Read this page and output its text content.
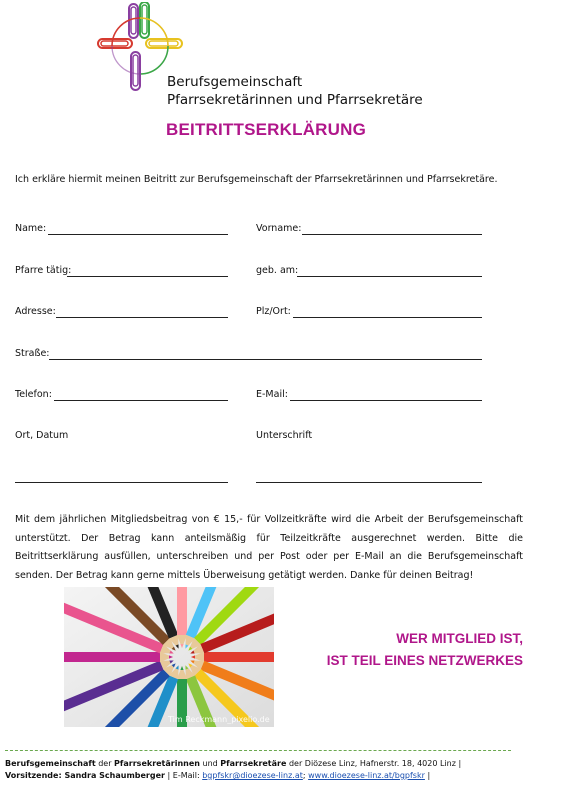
Berufsgemeinschaft
Pfarrsekretärinnen und Pfarrsekretäre
BEITRITTSERKLÄRUNG
Ich erkläre hiermit meinen Beitritt zur Berufsgemeinschaft der Pfarrsekretärinnen und Pfarrsekretäre.
Name:	Vorname:
Pfarre tätig:	geb. am:
Adresse:	Plz/Ort:
Straße:
Telefon:	E-Mail:
Ort, Datum	Unterschrift
Mit dem jährlichen Mitgliedsbeitrag von € 15,- für Vollzeitkräfte wird die Arbeit der Berufsgemeinschaft unterstützt. Der Betrag kann anteilsmäßig für Teilzeitkräfte ausgerechnet werden. Bitte die Beitrittserklärung ausfüllen, unterschreiben und per Post oder per E-Mail an die Berufsgemeinschaft senden. Der Betrag kann gerne mittels Überweisung getätigt werden. Danke für deinen Beitrag!
Tim Reckmann_pixelio.de
WER MITGLIED IST,
IST TEIL EINES NETZWERKES
Berufsgemeinschaft der Pfarrsekretärinnen und Pfarrsekretäre der Diözese Linz, Hafnerstr. 18, 4020 Linz |
Vorsitzende: Sandra Schaumberger | E-Mail: bgpfskr@dioezese-linz.at; www.dioezese-linz.at/bgpfskr |
